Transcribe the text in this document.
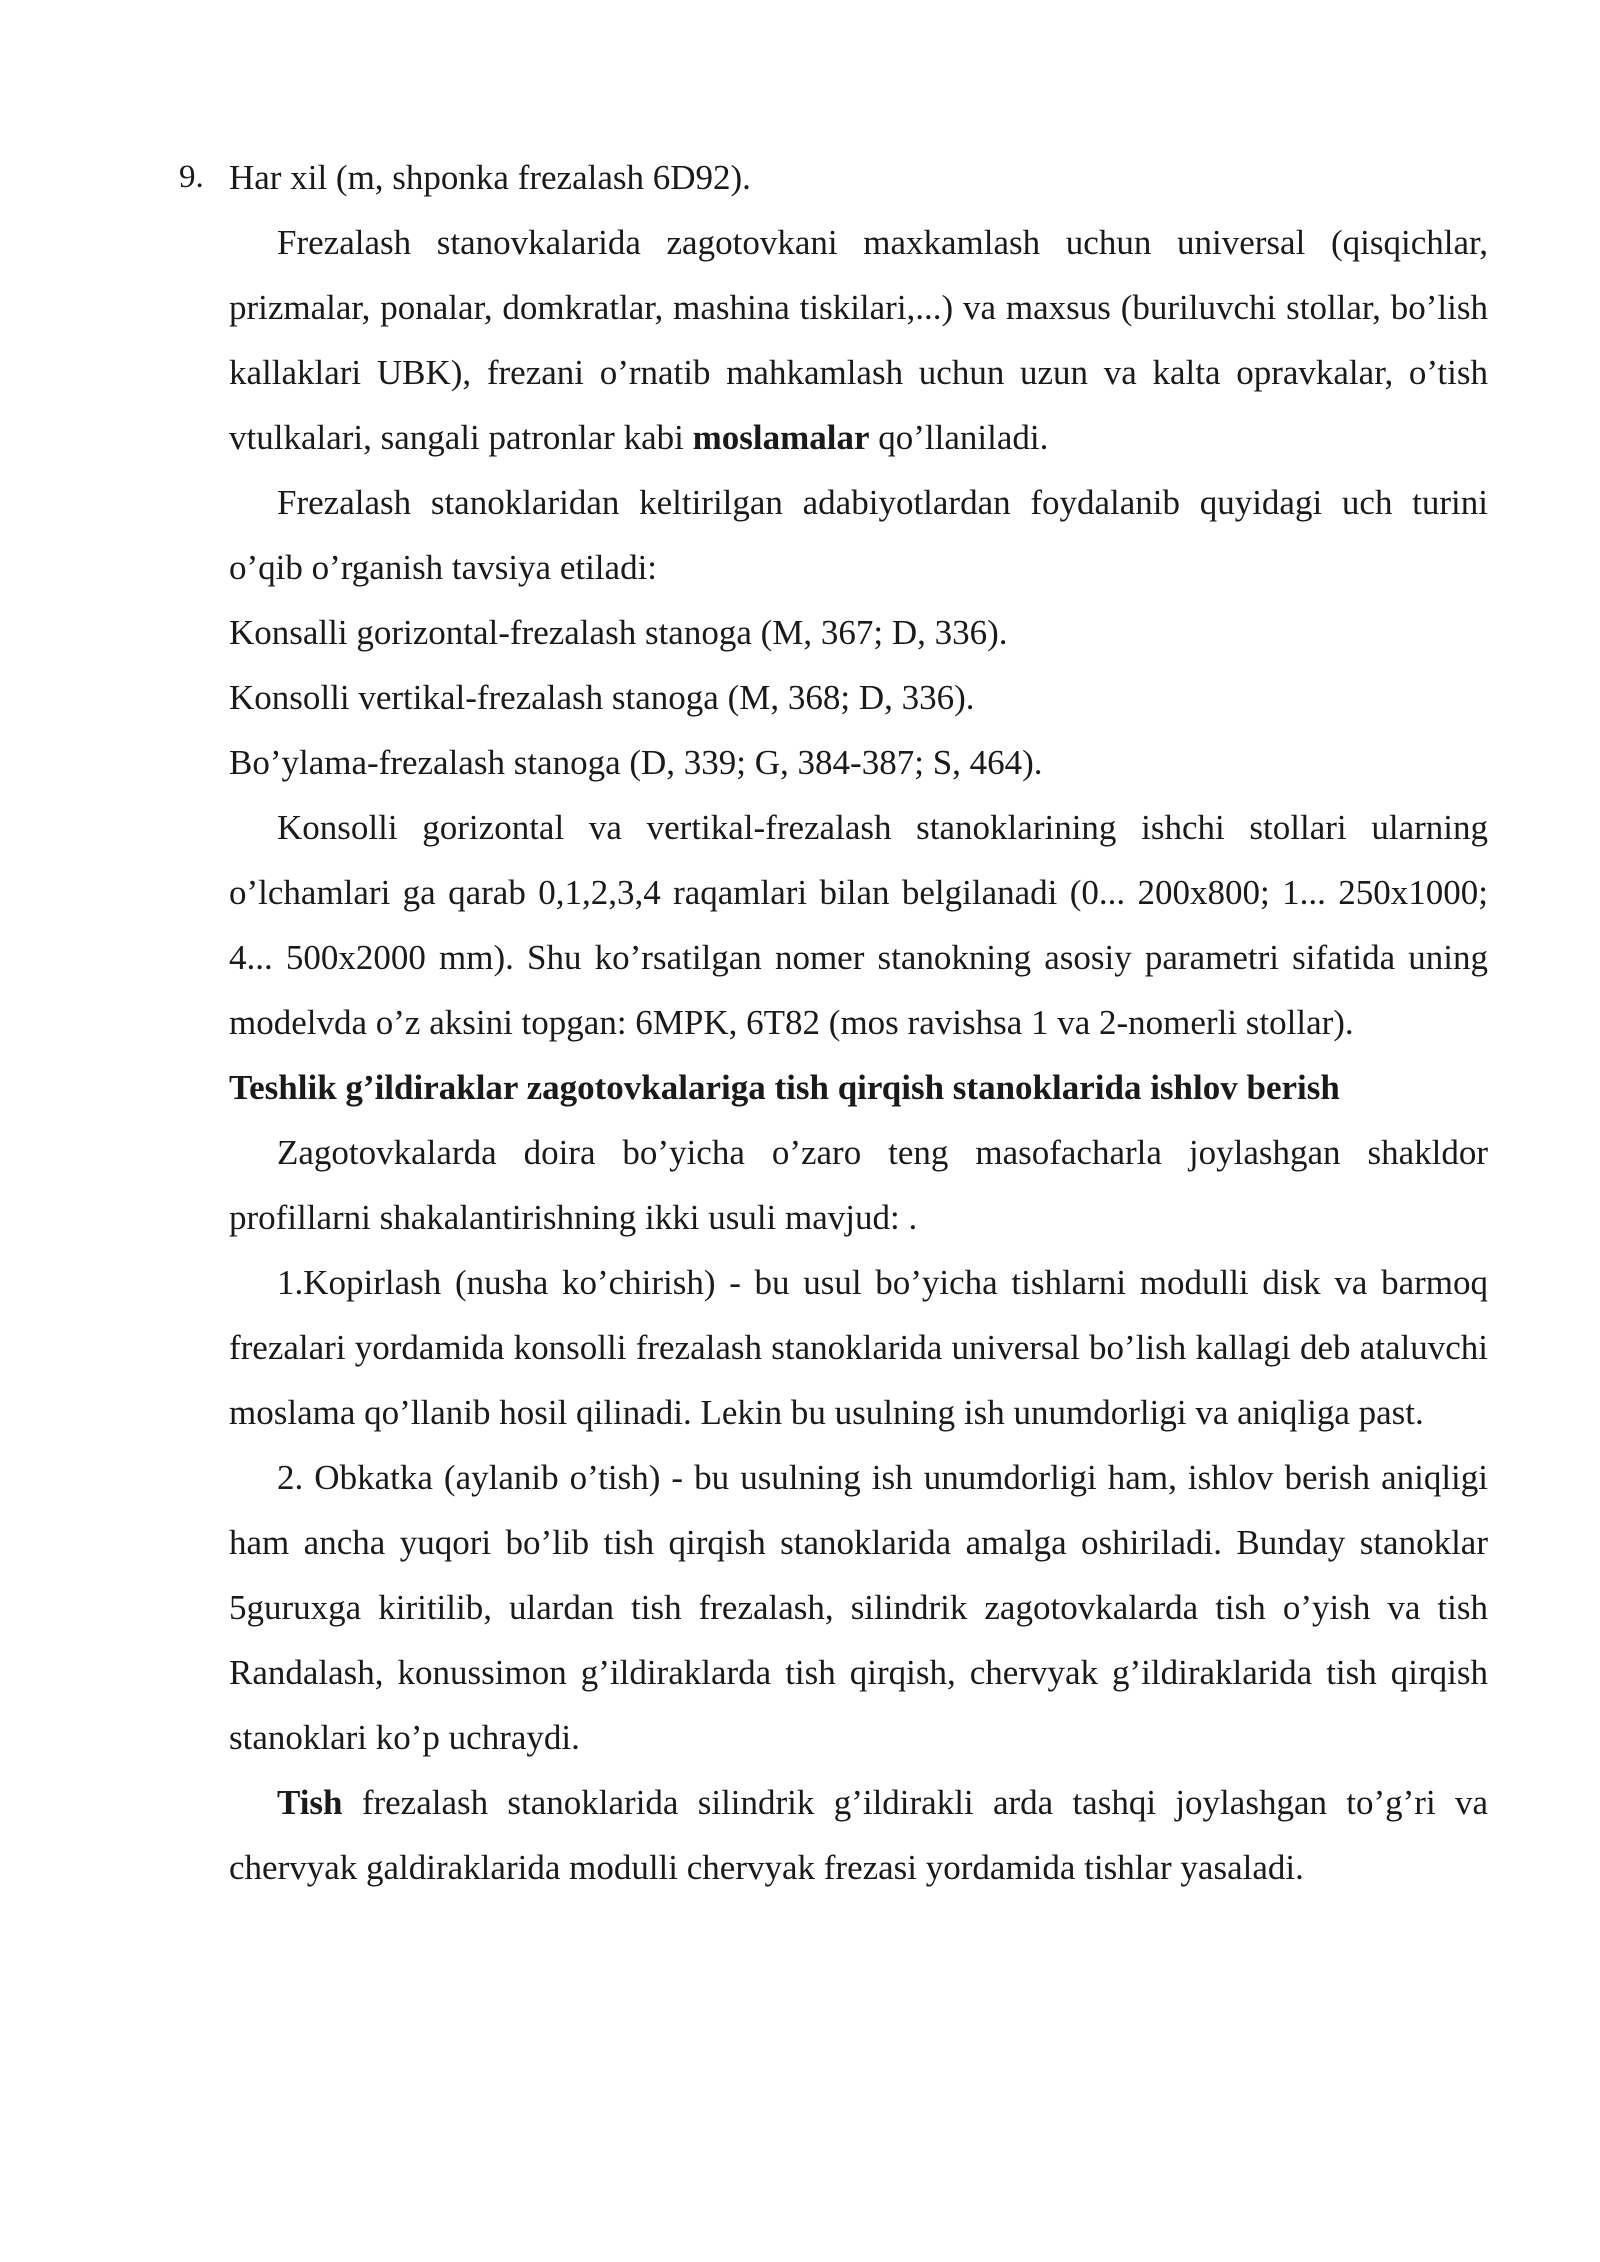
9. Har xil (m, shponka frezalash 6D92).

Frezalash stanovkalarida zagotovkani maxkamlash uchun universal (qisqichlar, prizmalar, ponalar, domkratlar, mashina tiskilari,...) va maxsus (buriluvchi stollar, bo’lish kallaklari UBK), frezani o’rnatib mahkamlash uchun uzun va kalta opravkalar, o’tish vtulkalari, sangali patronlar kabi moslamalar qo’llaniladi.

Frezalash stanoklaridan keltirilgan adabiyotlardan foydalanib quyidagi uch turini o’qib o’rganish tavsiya etiladi:

Konsalli gorizontal-frezalash stanoga (M, 367; D, 336).

Konsolli vertikal-frezalash stanoga (M, 368; D, 336).

Bo’ylama-frezalash stanoga (D, 339; G, 384-387; S, 464).

Konsolli gorizontal va vertikal-frezalash stanoklarining ishchi stollari ularning o’lchamlari ga qarab 0,1,2,3,4 raqamlari bilan belgilanadi (0... 200x800; 1... 250x1000; 4... 500x2000 mm). Shu ko’rsatilgan nomer stanokning asosiy parametri sifatida uning modelvda o’z aksini topgan: 6MPK, 6T82 (mos ravishsa 1 va 2-nomerli stollar).

Teshlik g’ildiraklar zagotovkalariga tish qirqish stanoklarida ishlov berish

Zagotovkalarda doira bo’yicha o’zaro teng masofacharla joylashgan shakldor profillarni shakalantirishning ikki usuli mavjud: .

1.Kopirlash (nusha ko’chirish) - bu usul bo’yicha tishlarni modulli disk va barmoq frezalari yordamida konsolli frezalash stanoklarida universal bo’lish kallagi deb ataluvchi moslama qo’llanib hosil qilinadi. Lekin bu usulning ish unumdorligi va aniqliga past.

2. Obkatka (aylanib o’tish) - bu usulning ish unumdorligi ham, ishlov berish aniqligi ham ancha yuqori bo’lib tish qirqish stanoklarida amalga oshiriladi. Bunday stanoklar 5guruxga kiritilib, ulardan tish frezalash, silindrik zagotovkalarda tish o’yish va tish Randalash, konussimon g’ildiraklarda tish qirqish, chervyak g’ildiraklarida tish qirqish stanoklari ko’p uchraydi.

Tish frezalash stanoklarida silindrik g’ildirakli arda tashqi joylashgan to’g’ri va chervyak galdiraklarida modulli chervyak frezasi yordamida tishlar yasaladi.
